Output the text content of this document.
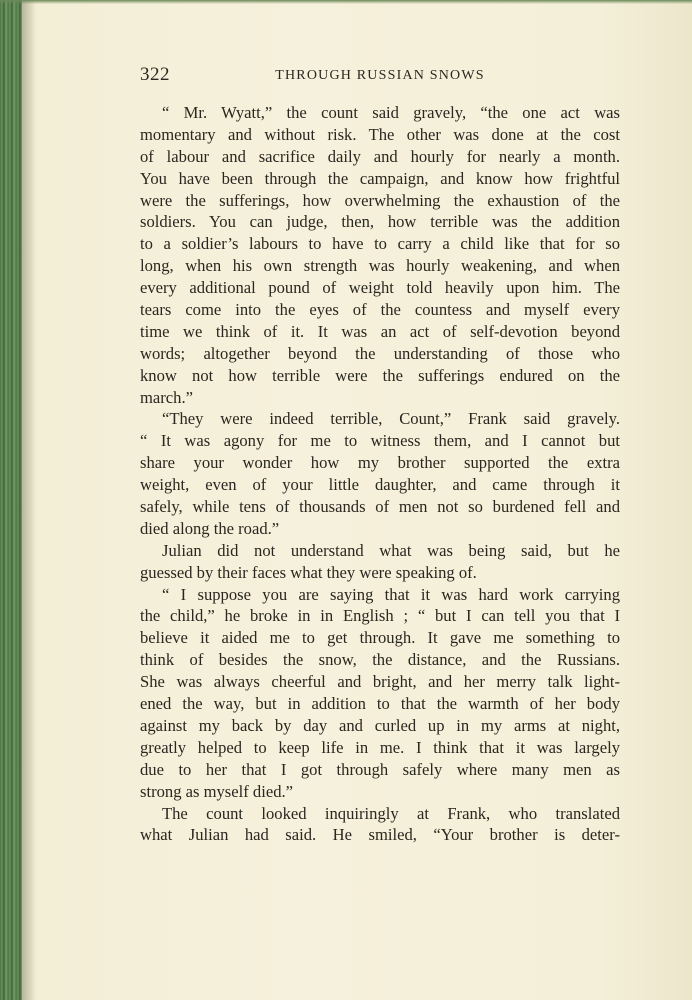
322	THROUGH RUSSIAN SNOWS
“ Mr. Wyatt,” the count said gravely, “the one act was
momentary and without risk. The other was done at the cost
of labour and sacrifice daily and hourly for nearly a month.
You have been through the campaign, and know how frightful
were the sufferings, how overwhelming the exhaustion of the
soldiers. You can judge, then, how terrible was the addition
to a soldier’s labours to have to carry a child like that for so
long, when his own strength was hourly weakening, and when
every additional pound of weight told heavily upon him. The
tears come into the eyes of the countess and myself every
time we think of it. It was an act of self-devotion beyond
words; altogether beyond the understanding of those who
know not how terrible were the sufferings endured on the
march.”
“They were indeed terrible, Count,” Frank said gravely.
“ It was agony for me to witness them, and I cannot but
share your wonder how my brother supported the extra
weight, even of your little daughter, and came through it
safely, while tens of thousands of men not so burdened fell and
died along the road.”
Julian did not understand what was being said, but he
guessed by their faces what they were speaking of.
“ I suppose you are saying that it was hard work carrying
the child,” he broke in in English ; “ but I can tell you that I
believe it aided me to get through. It gave me something to
think of besides the snow, the distance, and the Russians.
She was always cheerful and bright, and her merry talk light-
ened the way, but in addition to that the warmth of her body
against my back by day and curled up in my arms at night,
greatly helped to keep life in me. I think that it was largely
due to her that I got through safely where many men as
strong as myself died.”
The count looked inquiringly at Frank, who translated
what Julian had said. He smiled, “Your brother is deter-
